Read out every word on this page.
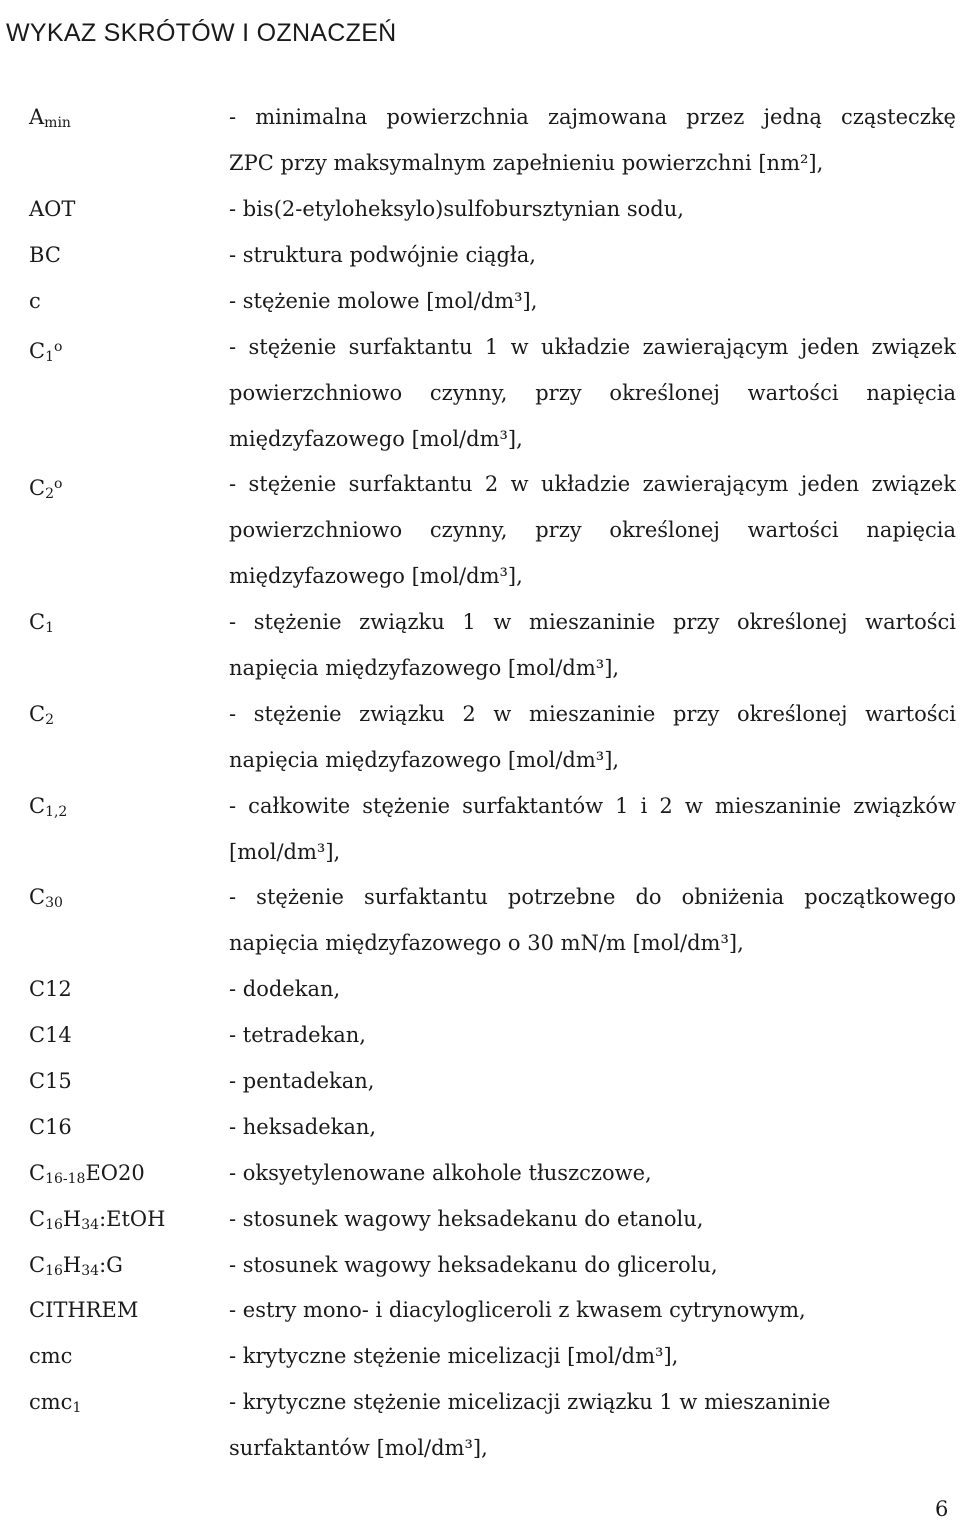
WYKAZ SKRÓTÓW I OZNACZEŃ
$A_{min}$	- minimalna powierzchnia zajmowana przez jedną cząsteczkę
ZPC przy maksymalnym zapełnieniu powierzchni [nm²],
AOT	- bis(2-etyloheksylo)sulfobursztynian sodu,
BC	- struktura podwójnie ciągła,
c	- stężenie molowe [mol/dm³],
$C_1^o$	- stężenie surfaktantu 1 w układzie zawierającym jeden związek
powierzchniowo czynny, przy określonej wartości napięcia
międzyfazowego [mol/dm³],
$C_2^o$	- stężenie surfaktantu 2 w układzie zawierającym jeden związek
powierzchniowo czynny, przy określonej wartości napięcia
międzyfazowego [mol/dm³],
$C_1$	- stężenie związku 1 w mieszaninie przy określonej wartości
napięcia międzyfazowego [mol/dm³],
$C_2$	- stężenie związku 2 w mieszaninie przy określonej wartości
napięcia międzyfazowego [mol/dm³],
$C_{1,2}$	- całkowite stężenie surfaktantów 1 i 2 w mieszaninie związków
[mol/dm³],
$C_{30}$	- stężenie surfaktantu potrzebne do obniżenia początkowego
napięcia międzyfazowego o 30 mN/m [mol/dm³],
C12	- dodekan,
C14	- tetradekan,
C15	- pentadekan,
C16	- heksadekan,
$C_{16-18}EO20$	- oksyetylenowane alkohole tłuszczowe,
$C_{16}H_{34}:EtOH$	- stosunek wagowy heksadekanu do etanolu,
$C_{16}H_{34}:G$	- stosunek wagowy heksadekanu do glicerolu,
CITHREM	- estry mono- i diacylogliceroli z kwasem cytrynowym,
cmc	- krytyczne stężenie micelizacji [mol/dm³],
cmc$_1$	- krytyczne stężenie micelizacji związku 1 w mieszaninie
surfaktantów [mol/dm³],
6
